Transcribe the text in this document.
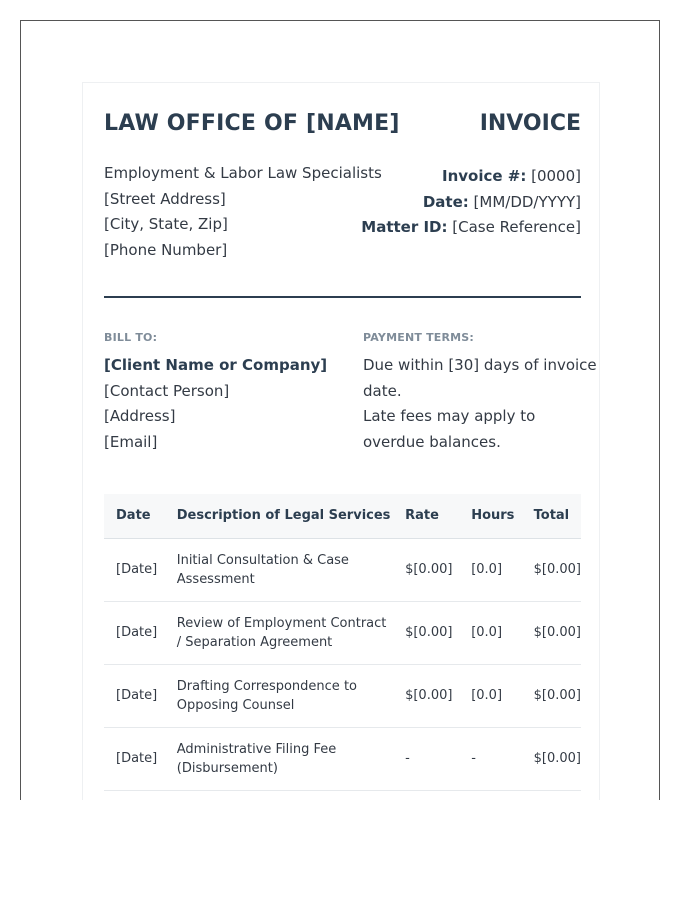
LAW OFFICE OF [NAME]	INVOICE
Employment & Labor Law Specialists
[Street Address]
[City, State, Zip]
[Phone Number]
Invoice #: [0000]
Date: [MM/DD/YYYY]
Matter ID: [Case Reference]
BILL TO:
[Client Name or Company]
[Contact Person]
[Address]
[Email]
PAYMENT TERMS:
Due within [30] days of invoice
date.
Late fees may apply to
overdue balances.
Date	Description of Legal Services	Rate	Hours	Total
[Date]	Initial Consultation & Case
Assessment	$[0.00]	[0.0]	$[0.00]
[Date]	Review of Employment Contract
/ Separation Agreement	$[0.00]	[0.0]	$[0.00]
[Date]	Drafting Correspondence to
Opposing Counsel	$[0.00]	[0.0]	$[0.00]
[Date]	Administrative Filing Fee
(Disbursement)	-	-	$[0.00]
